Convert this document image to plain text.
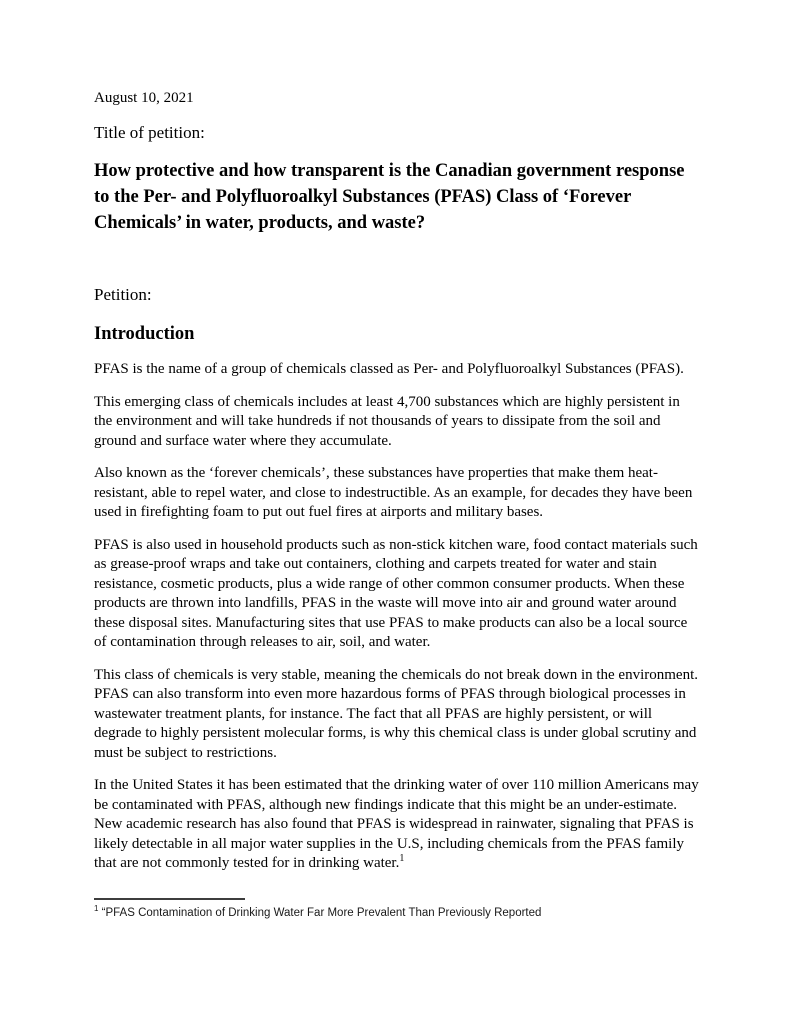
August 10, 2021

Title of petition:

How protective and how transparent is the Canadian government response to the Per- and Polyfluoroalkyl Substances (PFAS) Class of ‘Forever Chemicals’ in water, products, and waste?

Petition:

Introduction

PFAS is the name of a group of chemicals classed as Per- and Polyfluoroalkyl Substances (PFAS).

This emerging class of chemicals includes at least 4,700 substances which are highly persistent in the environment and will take hundreds if not thousands of years to dissipate from the soil and ground and surface water where they accumulate.

Also known as the ‘forever chemicals’, these substances have properties that make them heat-resistant, able to repel water, and close to indestructible. As an example, for decades they have been used in firefighting foam to put out fuel fires at airports and military bases.

PFAS is also used in household products such as non-stick kitchen ware, food contact materials such as grease-proof wraps and take out containers, clothing and carpets treated for water and stain resistance, cosmetic products, plus a wide range of other common consumer products. When these products are thrown into landfills, PFAS in the waste will move into air and ground water around these disposal sites. Manufacturing sites that use PFAS to make products can also be a local source of contamination through releases to air, soil, and water.

This class of chemicals is very stable, meaning the chemicals do not break down in the environment. PFAS can also transform into even more hazardous forms of PFAS through biological processes in wastewater treatment plants, for instance. The fact that all PFAS are highly persistent, or will degrade to highly persistent molecular forms, is why this chemical class is under global scrutiny and must be subject to restrictions.

In the United States it has been estimated that the drinking water of over 110 million Americans may be contaminated with PFAS, although new findings indicate that this might be an under-estimate. New academic research has also found that PFAS is widespread in rainwater, signaling that PFAS is likely detectable in all major water supplies in the U.S, including chemicals from the PFAS family that are not commonly tested for in drinking water.$^1$

$^1$ “PFAS Contamination of Drinking Water Far More Prevalent Than Previously Reported
